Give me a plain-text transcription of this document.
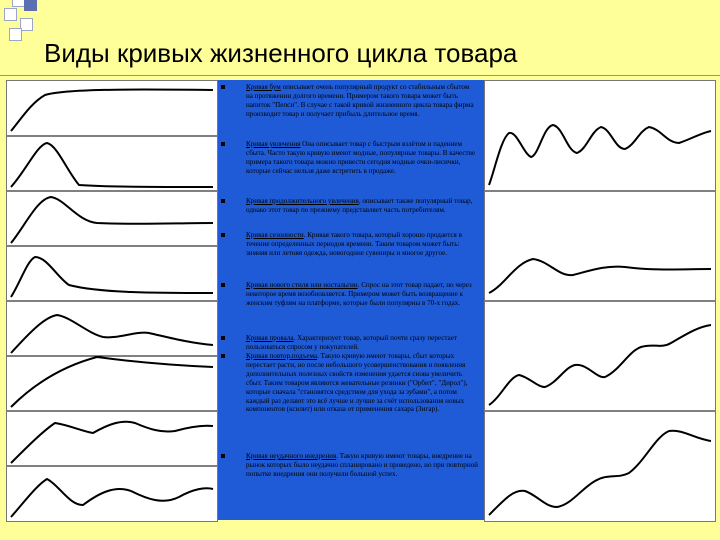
Виды кривых жизненного цикла товара
Кривая бум описывает очень популярный продукт со стабильным сбытом на протяжении долгого времени. Примером такого товара может быть напиток "Пепси". В случае с такой кривой жизненного цикла товара фирма производит товар и получает прибыль длительное время.
Кривая увлечения Она описывает товар с быстрым взлётом и падением сбыта. Часто такую кривую имеют модные, популярные товары. В качестве примера такого товара можно привести сегодня модные очки-лисички, которые сейчас нельзя даже встретить в продаже.
Кривая продолжительного увлечения, описывает также популярный товар, однако этот товар по прежнему представляет часть потребителям.
Кривая сезонности. Кривая такого товара, который хорошо продается в течение определенных периодов времени. Таким товаром может быть: зимняя или летняя одежда, новогодние сувениры и многое другое.
Кривая нового стиля или ностальгии. Спрос на этот товар падает, но через некоторое время возобновляется. Примером может быть возвращение к женским туфлям на платформе, которые были популярны в 70-х годах.
Кривая провала. Характеризует товар, который почти сразу перестает пользоваться спросом у покупателей.
Кривая повтор.подъема. Такую кривую имеют товары, сбыт которых перестает расти, но после небольшого усовершенствования и появления дополнительных полезных свойств изменения удается снова увеличить сбыт. Таким товаром являются жевательные резинки ("Орбит", "Дирол"), которые сначала "становятся средством для ухода за зубами", а потом каждый раз делают это всё лучше и лучше за счёт использования новых компонентов (ксилит) или отказа от применения сахара (Зигар).
Кривая неудачного внедрения. Такую кривую имеют товары, внедрение на рынок которых было неудачно спланировано и проведено, но при повторной попытке внедрения они получили большой успех.
